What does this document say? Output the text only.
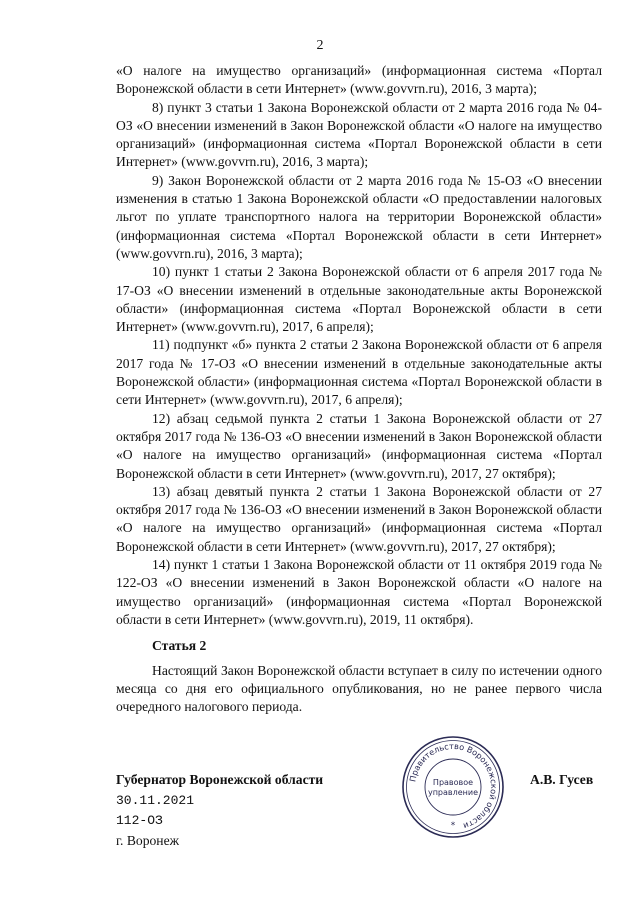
2

«О налоге на имущество организаций» (информационная система «Портал Воронежской области в сети Интернет» (www.govvrn.ru), 2016, 3 марта);

8) пункт 3 статьи 1 Закона Воронежской области от 2 марта 2016 года № 04-ОЗ «О внесении изменений в Закон Воронежской области «О налоге на имущество организаций» (информационная система «Портал Воронежской области в сети Интернет» (www.govvrn.ru), 2016, 3 марта);

9) Закон Воронежской области от 2 марта 2016 года № 15-ОЗ «О внесении изменения в статью 1 Закона Воронежской области «О предоставлении налоговых льгот по уплате транспортного налога на территории Воронежской области» (информационная система «Портал Воронежской области в сети Интернет» (www.govvrn.ru), 2016, 3 марта);

10) пункт 1 статьи 2 Закона Воронежской области от 6 апреля 2017 года № 17-ОЗ «О внесении изменений в отдельные законодательные акты Воронежской области» (информационная система «Портал Воронежской области в сети Интернет» (www.govvrn.ru), 2017, 6 апреля);

11) подпункт «б» пункта 2 статьи 2 Закона Воронежской области от 6 апреля 2017 года № 17-ОЗ «О внесении изменений в отдельные законодательные акты Воронежской области» (информационная система «Портал Воронежской области в сети Интернет» (www.govvrn.ru), 2017, 6 апреля);

12) абзац седьмой пункта 2 статьи 1 Закона Воронежской области от 27 октября 2017 года № 136-ОЗ «О внесении изменений в Закон Воронежской области «О налоге на имущество организаций» (информационная система «Портал Воронежской области в сети Интернет» (www.govvrn.ru), 2017, 27 октября);

13) абзац девятый пункта 2 статьи 1 Закона Воронежской области от 27 октября 2017 года № 136-ОЗ «О внесении изменений в Закон Воронежской области «О налоге на имущество организаций» (информационная система «Портал Воронежской области в сети Интернет» (www.govvrn.ru), 2017, 27 октября);

14) пункт 1 статьи 1 Закона Воронежской области от 11 октября 2019 года № 122-ОЗ «О внесении изменений в Закон Воронежской области «О налоге на имущество организаций» (информационная система «Портал Воронежской области в сети Интернет» (www.govvrn.ru), 2019, 11 октября).

Статья 2

Настоящий Закон Воронежской области вступает в силу по истечении одного месяца со дня его официального опубликования, но не ранее первого числа очередного налогового периода.

Губернатор Воронежской области	А.В. Гусев
30.11.2021
112-ОЗ
г. Воронеж
Правительство Воронежской области
Правовое
управление
*
